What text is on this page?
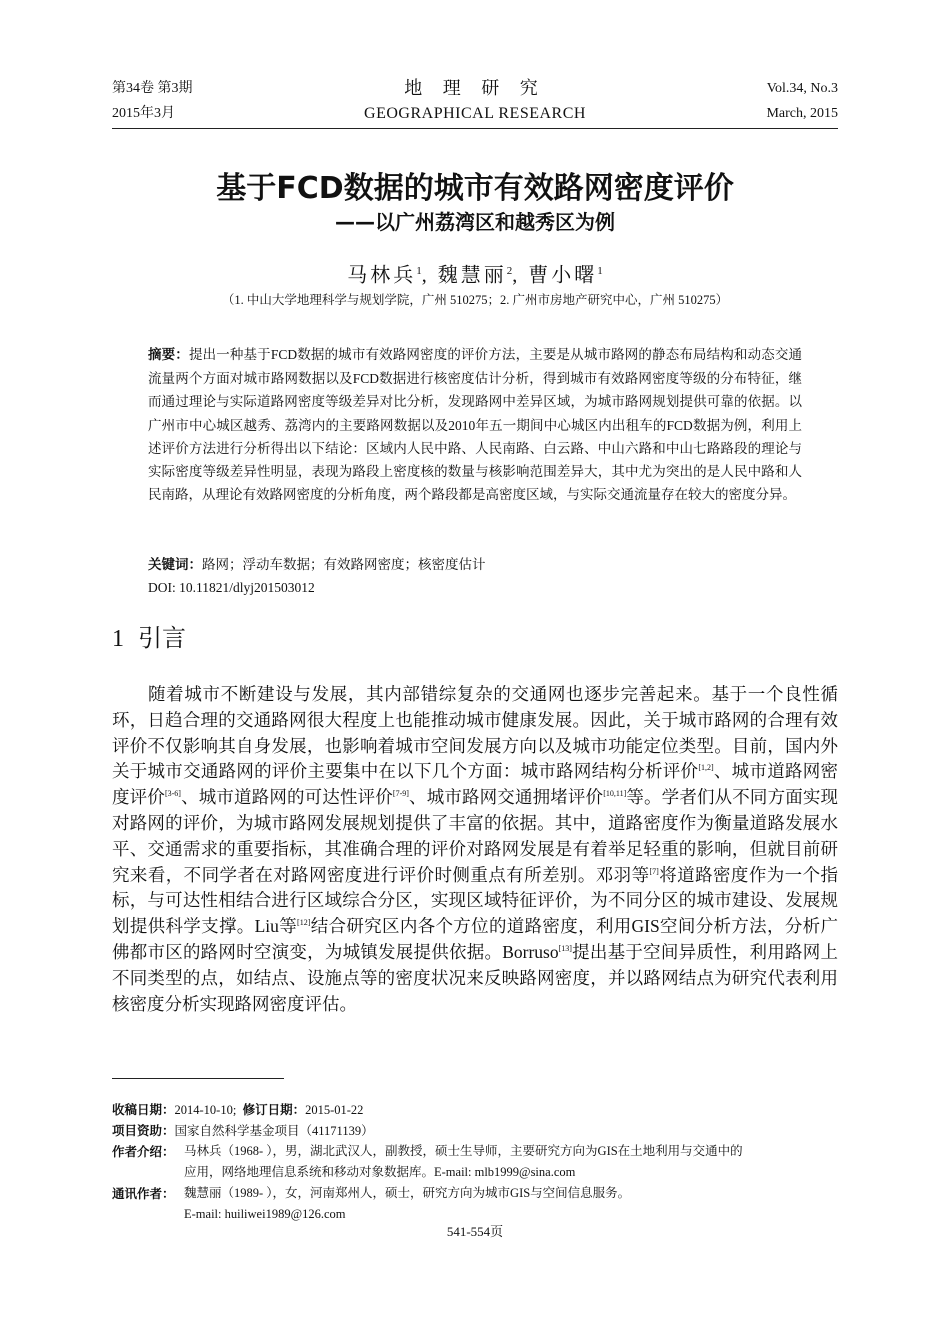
第34卷 第3期
2015年3月
地 理 研 究
GEOGRAPHICAL RESEARCH
Vol.34, No.3
March, 2015
基于FCD数据的城市有效路网密度评价
——以广州荔湾区和越秀区为例
马林兵$^1$, 魏慧丽$^2$, 曹小曙$^1$
（1. 中山大学地理科学与规划学院，广州 510275；2. 广州市房地产研究中心，广州 510275）
摘要：提出一种基于FCD数据的城市有效路网密度的评价方法，主要是从城市路网的静态布局结构和动态交通流量两个方面对城市路网数据以及FCD数据进行核密度估计分析，得到城市有效路网密度等级的分布特征，继而通过理论与实际道路网密度等级差异对比分析，发现路网中差异区域，为城市路网规划提供可靠的依据。以广州市中心城区越秀、荔湾内的主要路网数据以及2010年五一期间中心城区内出租车的FCD数据为例，利用上述评价方法进行分析得出以下结论：区域内人民中路、人民南路、白云路、中山六路和中山七路路段的理论与实际密度等级差异性明显，表现为路段上密度核的数量与核影响范围差异大，其中尤为突出的是人民中路和人民南路，从理论有效路网密度的分析角度，两个路段都是高密度区域，与实际交通流量存在较大的密度分异。
关键词：路网；浮动车数据；有效路网密度；核密度估计
DOI: 10.11821/dlyj201503012
1 引言
随着城市不断建设与发展，其内部错综复杂的交通网也逐步完善起来。基于一个良性循环，日趋合理的交通路网很大程度上也能推动城市健康发展。因此，关于城市路网的合理有效评价不仅影响其自身发展，也影响着城市空间发展方向以及城市功能定位类型。目前，国内外关于城市交通路网的评价主要集中在以下几个方面：城市路网结构分析评价[1,2]、城市道路网密度评价[3-6]、城市道路网的可达性评价[7-9]、城市路网交通拥堵评价[10,11]等。学者们从不同方面实现对路网的评价，为城市路网发展规划提供了丰富的依据。其中，道路密度作为衡量道路发展水平、交通需求的重要指标，其准确合理的评价对路网发展是有着举足轻重的影响，但就目前研究来看，不同学者在对路网密度进行评价时侧重点有所差别。邓羽等[7]将道路密度作为一个指标，与可达性相结合进行区域综合分区，实现区域特征评价，为不同分区的城市建设、发展规划提供科学支撑。Liu等[12]结合研究区内各个方位的道路密度，利用GIS空间分析方法，分析广佛都市区的路网时空演变，为城镇发展提供依据。Borruso[13]提出基于空间异质性，利用路网上不同类型的点，如结点、设施点等的密度状况来反映路网密度，并以路网结点为研究代表利用核密度分析实现路网密度评估。
收稿日期：2014-10-10; 修订日期：2015-01-22
项目资助：国家自然科学基金项目（41171139）
作者介绍： 马林兵（1968- ），男，湖北武汉人，副教授，硕士生导师，主要研究方向为GIS在土地利用与交通中的
应用，网络地理信息系统和移动对象数据库。E-mail: mlb1999@sina.com
通讯作者： 魏慧丽（1989- ），女，河南郑州人，硕士，研究方向为城市GIS与空间信息服务。
E-mail: huiliwei1989@126.com
541-554页
